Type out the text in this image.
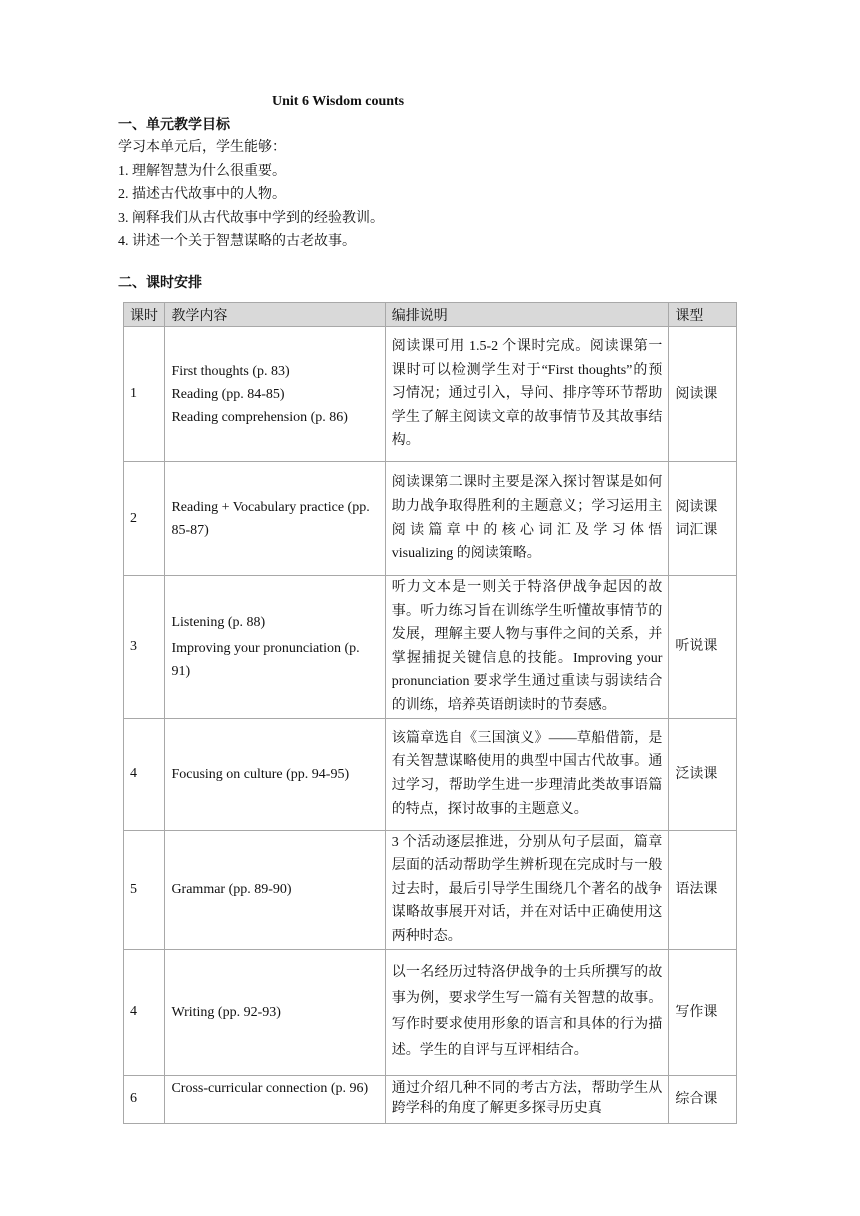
Unit 6 Wisdom counts
一、单元教学目标
学习本单元后，学生能够：
1. 理解智慧为什么很重要。
2. 描述古代故事中的人物。
3. 阐释我们从古代故事中学到的经验教训。
4. 讲述一个关于智慧谋略的古老故事。
二、课时安排
课时	教学内容	编排说明	课型
1	First thoughts (p. 83)
Reading (pp. 84-85)
Reading comprehension (p. 86)	阅读课可用 1.5-2 个课时完成。阅读课第一课时可以检测学生对于“First thoughts”的预习情况；通过引入，导问、排序等环节帮助学生了解主阅读文章的故事情节及其故事结构。	阅读课

2	Reading + Vocabulary practice (pp. 85-87)	阅读课第二课时主要是深入探讨智谋是如何助力战争取得胜利的主题意义；学习运用主阅读篇章中的核心词汇及学习体悟 visualizing 的阅读策略。	阅读课
词汇课

3	Listening (p. 88)
Improving your pronunciation (p. 91)	听力文本是一则关于特洛伊战争起因的故事。听力练习旨在训练学生听懂故事情节的发展，理解主要人物与事件之间的关系，并掌握捕捉关键信息的技能。Improving your pronunciation 要求学生通过重读与弱读结合的训练，培养英语朗读时的节奏感。	听说课

4	Focusing on culture (pp. 94-95)	该篇章选自《三国演义》——草船借箭，是有关智慧谋略使用的典型中国古代故事。通过学习，帮助学生进一步理清此类故事语篇的特点，探讨故事的主题意义。	泛读课

5	Grammar (pp. 89-90)	3 个活动逐层推进，分别从句子层面，篇章层面的活动帮助学生辨析现在完成时与一般过去时，最后引导学生围绕几个著名的战争谋略故事展开对话，并在对话中正确使用这两种时态。	语法课

4	Writing (pp. 92-93)	以一名经历过特洛伊战争的士兵所撰写的故事为例，要求学生写一篇有关智慧的故事。写作时要求使用形象的语言和具体的行为描述。学生的自评与互评相结合。	写作课

6	Cross-curricular connection (p. 96)	通过介绍几种不同的考古方法，帮助学生从跨学科的角度了解更多探寻历史真	综合课
